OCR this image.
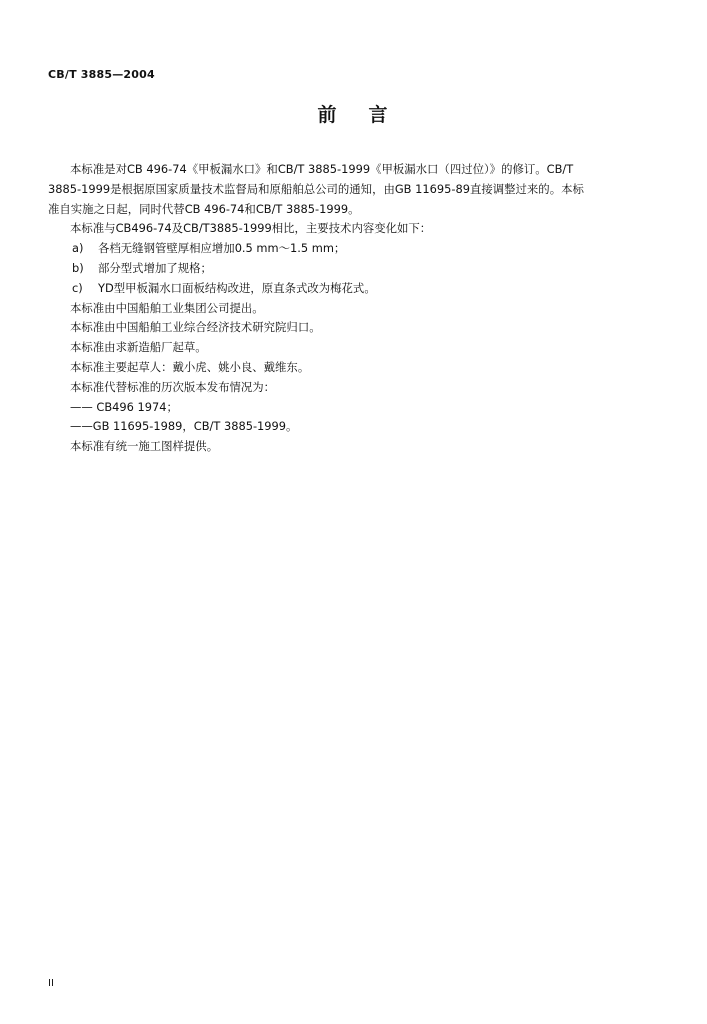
CB/T 3885—2004
前 言
本标准是对CB 496-74《甲板漏水口》和CB/T 3885-1999《甲板漏水口（四过位）》的修订。CB/T
3885-1999是根据原国家质量技术监督局和原船舶总公司的通知，由GB 11695-89直接调整过来的。本标
准自实施之日起，同时代替CB 496-74和CB/T 3885-1999。
本标准与CB496-74及CB/T3885-1999相比，主要技术内容变化如下：
a) 各档无缝钢管壁厚相应增加0.5 mm～1.5 mm；
b) 部分型式增加了规格；
c) YD型甲板漏水口面板结构改进，原直条式改为梅花式。
本标准由中国船舶工业集团公司提出。
本标准由中国船舶工业综合经济技术研究院归口。
本标准由求新造船厂起草。
本标准主要起草人：戴小虎、姚小良、戴维东。
本标准代替标准的历次版本发布情况为：
—— CB496 1974；
——GB 11695-1989，CB/T 3885-1999。
本标准有统一施工图样提供。
II
